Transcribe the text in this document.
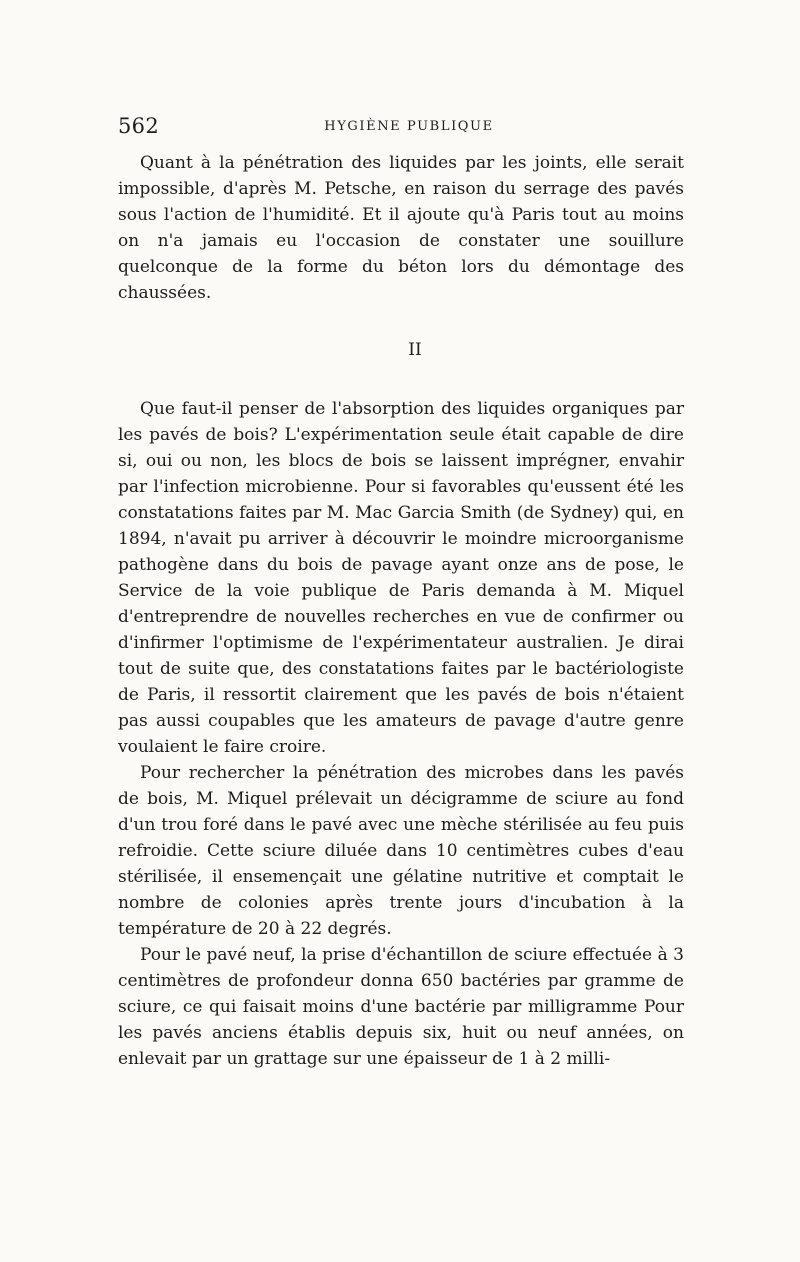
562	HYGIÈNE PUBLIQUE

Quant à la pénétration des liquides par les joints, elle serait impossible, d'après M. Petsche, en raison du serrage des pavés sous l'action de l'humidité. Et il ajoute qu'à Paris tout au moins on n'a jamais eu l'occasion de constater une souillure quelconque de la forme du béton lors du démontage des chaussées.

II

Que faut-il penser de l'absorption des liquides organiques par les pavés de bois? L'expérimentation seule était capable de dire si, oui ou non, les blocs de bois se laissent imprégner, envahir par l'infection microbienne. Pour si favorables qu'eussent été les constatations faites par M. Mac Garcia Smith (de Sydney) qui, en 1894, n'avait pu arriver à découvrir le moindre microorganisme pathogène dans du bois de pavage ayant onze ans de pose, le Service de la voie publique de Paris demanda à M. Miquel d'entreprendre de nouvelles recherches en vue de confirmer ou d'infirmer l'optimisme de l'expérimentateur australien. Je dirai tout de suite que, des constatations faites par le bactériologiste de Paris, il ressortit clairement que les pavés de bois n'étaient pas aussi coupables que les amateurs de pavage d'autre genre voulaient le faire croire.

Pour rechercher la pénétration des microbes dans les pavés de bois, M. Miquel prélevait un décigramme de sciure au fond d'un trou foré dans le pavé avec une mèche stérilisée au feu puis refroidie. Cette sciure diluée dans 10 centimètres cubes d'eau stérilisée, il ensemençait une gélatine nutritive et comptait le nombre de colonies après trente jours d'incubation à la température de 20 à 22 degrés.

Pour le pavé neuf, la prise d'échantillon de sciure effectuée à 3 centimètres de profondeur donna 650 bactéries par gramme de sciure, ce qui faisait moins d'une bactérie par milligramme Pour les pavés anciens établis depuis six, huit ou neuf années, on enlevait par un grattage sur une épaisseur de 1 à 2 milli-
